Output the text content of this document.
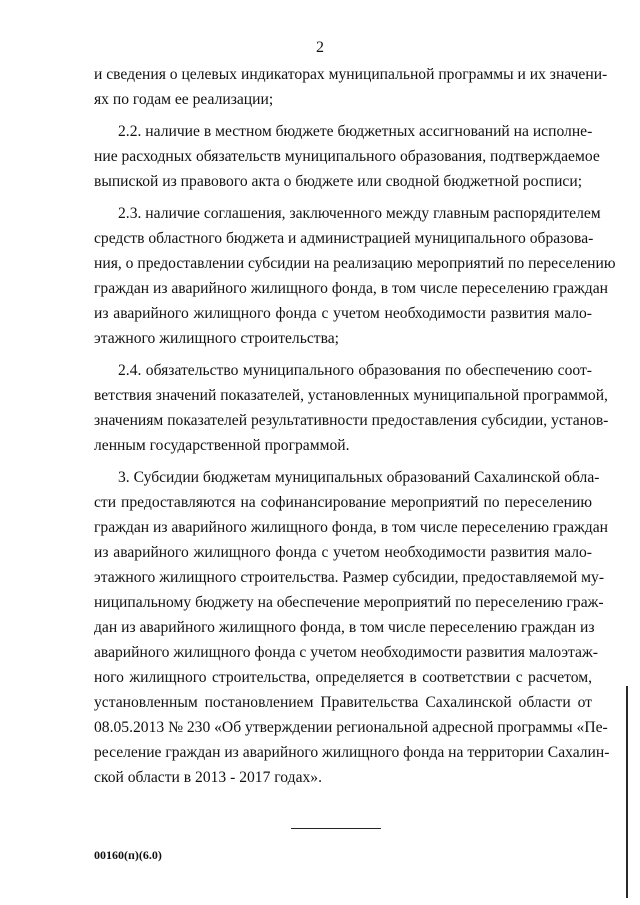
2
и сведения о целевых индикаторах муниципальной программы и их значени-
ях по годам ее реализации;
2.2. наличие в местном бюджете бюджетных ассигнований на исполне-
ние расходных обязательств муниципального образования, подтверждаемое
выпиской из правового акта о бюджете или сводной бюджетной росписи;
2.3. наличие соглашения, заключенного между главным распорядителем
средств областного бюджета и администрацией муниципального образова-
ния, о предоставлении субсидии на реализацию мероприятий по переселению
граждан из аварийного жилищного фонда, в том числе переселению граждан
из аварийного жилищного фонда с учетом необходимости развития мало-
этажного жилищного строительства;
2.4. обязательство муниципального образования по обеспечению соот-
ветствия значений показателей, установленных муниципальной программой,
значениям показателей результативности предоставления субсидии, установ-
ленным государственной программой.
3. Субсидии бюджетам муниципальных образований Сахалинской обла-
сти предоставляются на софинансирование мероприятий по переселению
граждан из аварийного жилищного фонда, в том числе переселению граждан
из аварийного жилищного фонда с учетом необходимости развития мало-
этажного жилищного строительства. Размер субсидии, предоставляемой му-
ниципальному бюджету на обеспечение мероприятий по переселению граж-
дан из аварийного жилищного фонда, в том числе переселению граждан из
аварийного жилищного фонда с учетом необходимости развития малоэтаж-
ного жилищного строительства, определяется в соответствии с расчетом,
установленным постановлением Правительства Сахалинской области от
08.05.2013 № 230 «Об утверждении региональной адресной программы «Пе-
реселение граждан из аварийного жилищного фонда на территории Сахалин-
ской области в 2013 - 2017 годах».
00160(п)(6.0)
